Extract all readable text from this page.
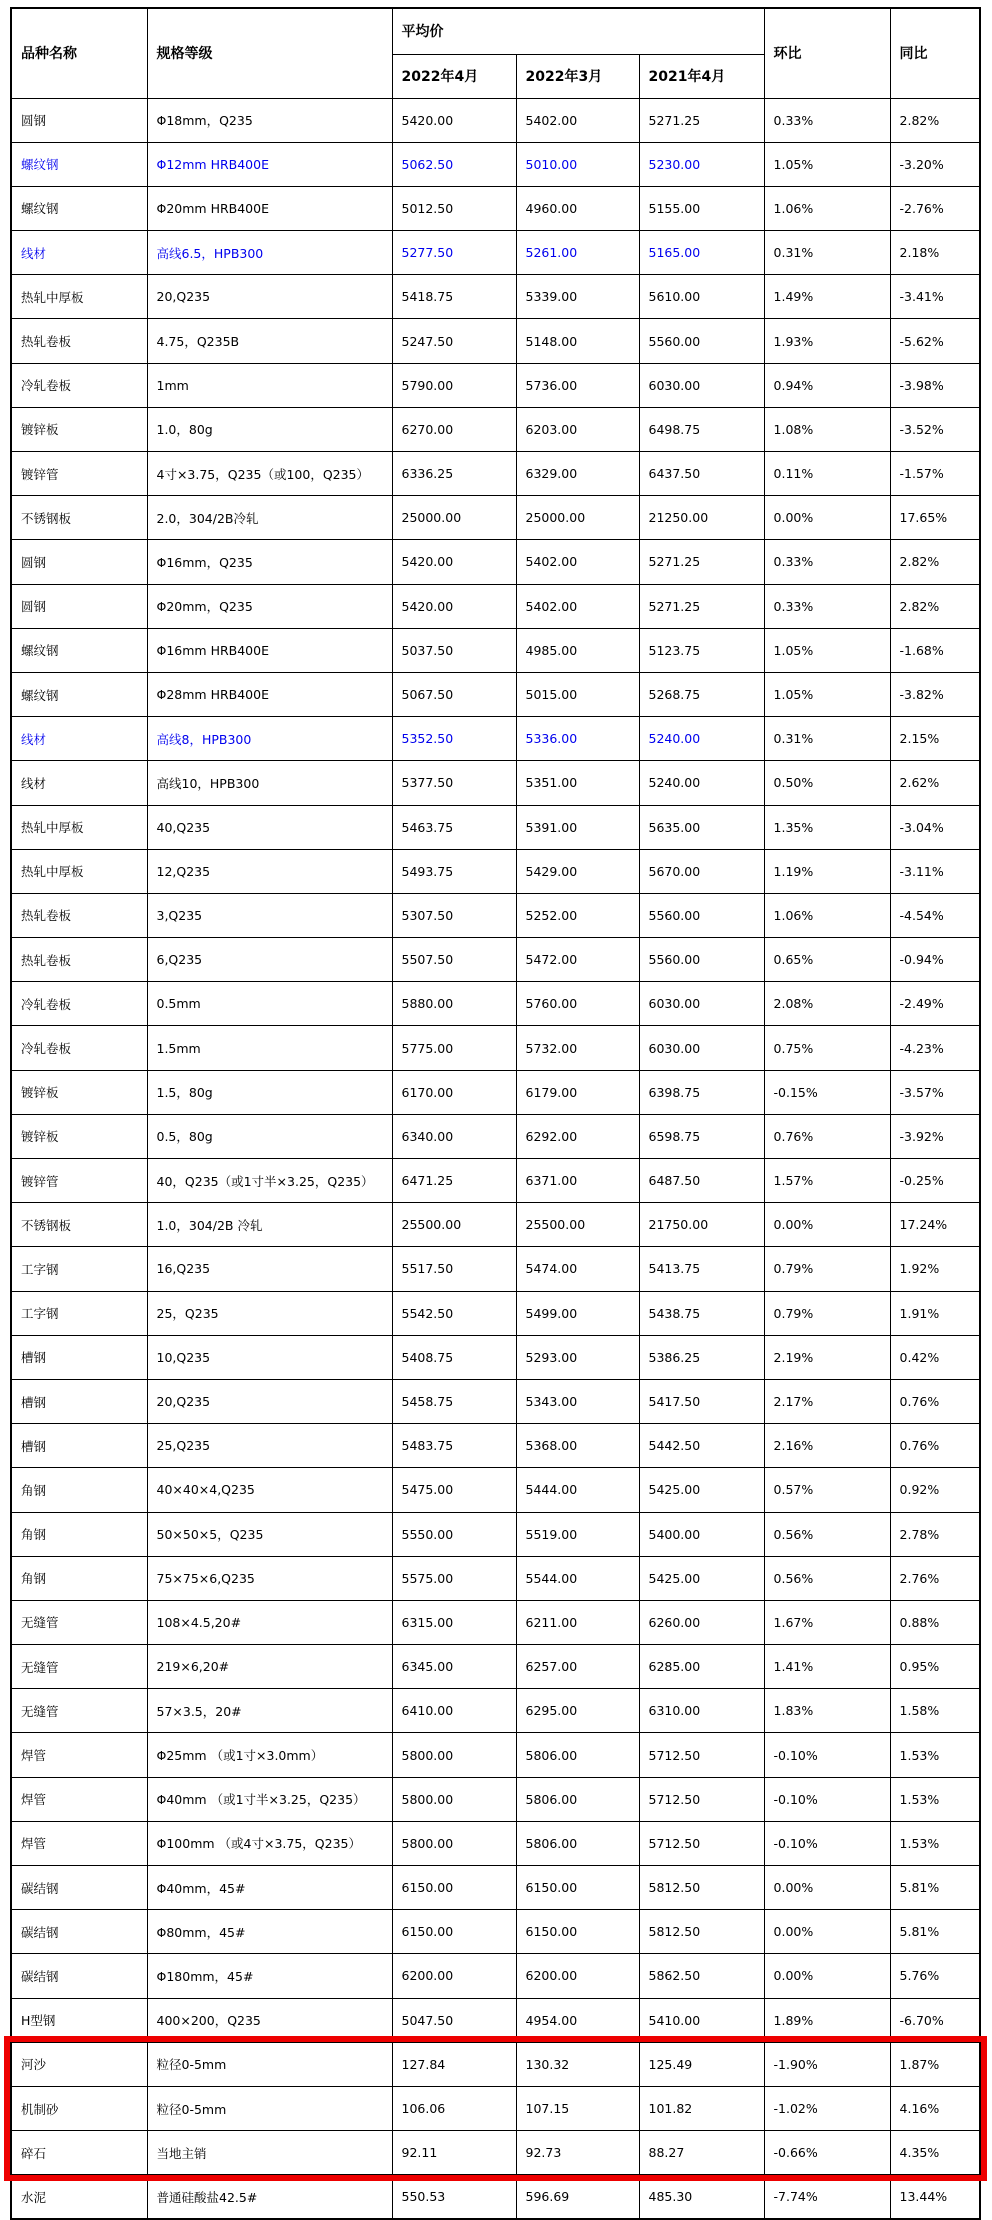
品种名称	规格等级	平均价			环比	同比
		2022年4月	2022年3月	2021年4月		
圆钢	Φ18mm，Q235	5420.00	5402.00	5271.25	0.33%	2.82%
螺纹钢	Φ12mm HRB400E	5062.50	5010.00	5230.00	1.05%	-3.20%
螺纹钢	Φ20mm HRB400E	5012.50	4960.00	5155.00	1.06%	-2.76%
线材	高线6.5，HPB300	5277.50	5261.00	5165.00	0.31%	2.18%
热轧中厚板	20,Q235	5418.75	5339.00	5610.00	1.49%	-3.41%
热轧卷板	4.75，Q235B	5247.50	5148.00	5560.00	1.93%	-5.62%
冷轧卷板	1mm	5790.00	5736.00	6030.00	0.94%	-3.98%
镀锌板	1.0，80g	6270.00	6203.00	6498.75	1.08%	-3.52%
镀锌管	4寸×3.75，Q235（或100，Q235）	6336.25	6329.00	6437.50	0.11%	-1.57%
不锈钢板	2.0，304/2B冷轧	25000.00	25000.00	21250.00	0.00%	17.65%
圆钢	Φ16mm，Q235	5420.00	5402.00	5271.25	0.33%	2.82%
圆钢	Φ20mm，Q235	5420.00	5402.00	5271.25	0.33%	2.82%
螺纹钢	Φ16mm HRB400E	5037.50	4985.00	5123.75	1.05%	-1.68%
螺纹钢	Φ28mm HRB400E	5067.50	5015.00	5268.75	1.05%	-3.82%
线材	高线8，HPB300	5352.50	5336.00	5240.00	0.31%	2.15%
线材	高线10，HPB300	5377.50	5351.00	5240.00	0.50%	2.62%
热轧中厚板	40,Q235	5463.75	5391.00	5635.00	1.35%	-3.04%
热轧中厚板	12,Q235	5493.75	5429.00	5670.00	1.19%	-3.11%
热轧卷板	3,Q235	5307.50	5252.00	5560.00	1.06%	-4.54%
热轧卷板	6,Q235	5507.50	5472.00	5560.00	0.65%	-0.94%
冷轧卷板	0.5mm	5880.00	5760.00	6030.00	2.08%	-2.49%
冷轧卷板	1.5mm	5775.00	5732.00	6030.00	0.75%	-4.23%
镀锌板	1.5，80g	6170.00	6179.00	6398.75	-0.15%	-3.57%
镀锌板	0.5，80g	6340.00	6292.00	6598.75	0.76%	-3.92%
镀锌管	40，Q235（或1寸半×3.25，Q235）	6471.25	6371.00	6487.50	1.57%	-0.25%
不锈钢板	1.0，304/2B 冷轧	25500.00	25500.00	21750.00	0.00%	17.24%
工字钢	16,Q235	5517.50	5474.00	5413.75	0.79%	1.92%
工字钢	25，Q235	5542.50	5499.00	5438.75	0.79%	1.91%
槽钢	10,Q235	5408.75	5293.00	5386.25	2.19%	0.42%
槽钢	20,Q235	5458.75	5343.00	5417.50	2.17%	0.76%
槽钢	25,Q235	5483.75	5368.00	5442.50	2.16%	0.76%
角钢	40×40×4,Q235	5475.00	5444.00	5425.00	0.57%	0.92%
角钢	50×50×5，Q235	5550.00	5519.00	5400.00	0.56%	2.78%
角钢	75×75×6,Q235	5575.00	5544.00	5425.00	0.56%	2.76%
无缝管	108×4.5,20#	6315.00	6211.00	6260.00	1.67%	0.88%
无缝管	219×6,20#	6345.00	6257.00	6285.00	1.41%	0.95%
无缝管	57×3.5，20#	6410.00	6295.00	6310.00	1.83%	1.58%
焊管	Φ25mm （或1寸×3.0mm）	5800.00	5806.00	5712.50	-0.10%	1.53%
焊管	Φ40mm （或1寸半×3.25，Q235）	5800.00	5806.00	5712.50	-0.10%	1.53%
焊管	Φ100mm （或4寸×3.75，Q235）	5800.00	5806.00	5712.50	-0.10%	1.53%
碳结钢	Φ40mm，45#	6150.00	6150.00	5812.50	0.00%	5.81%
碳结钢	Φ80mm，45#	6150.00	6150.00	5812.50	0.00%	5.81%
碳结钢	Φ180mm，45#	6200.00	6200.00	5862.50	0.00%	5.76%
H型钢	400×200，Q235	5047.50	4954.00	5410.00	1.89%	-6.70%
河沙	粒径0-5mm	127.84	130.32	125.49	-1.90%	1.87%
机制砂	粒径0-5mm	106.06	107.15	101.82	-1.02%	4.16%
碎石	当地主销	92.11	92.73	88.27	-0.66%	4.35%
水泥	普通硅酸盐42.5#	550.53	596.69	485.30	-7.74%	13.44%
